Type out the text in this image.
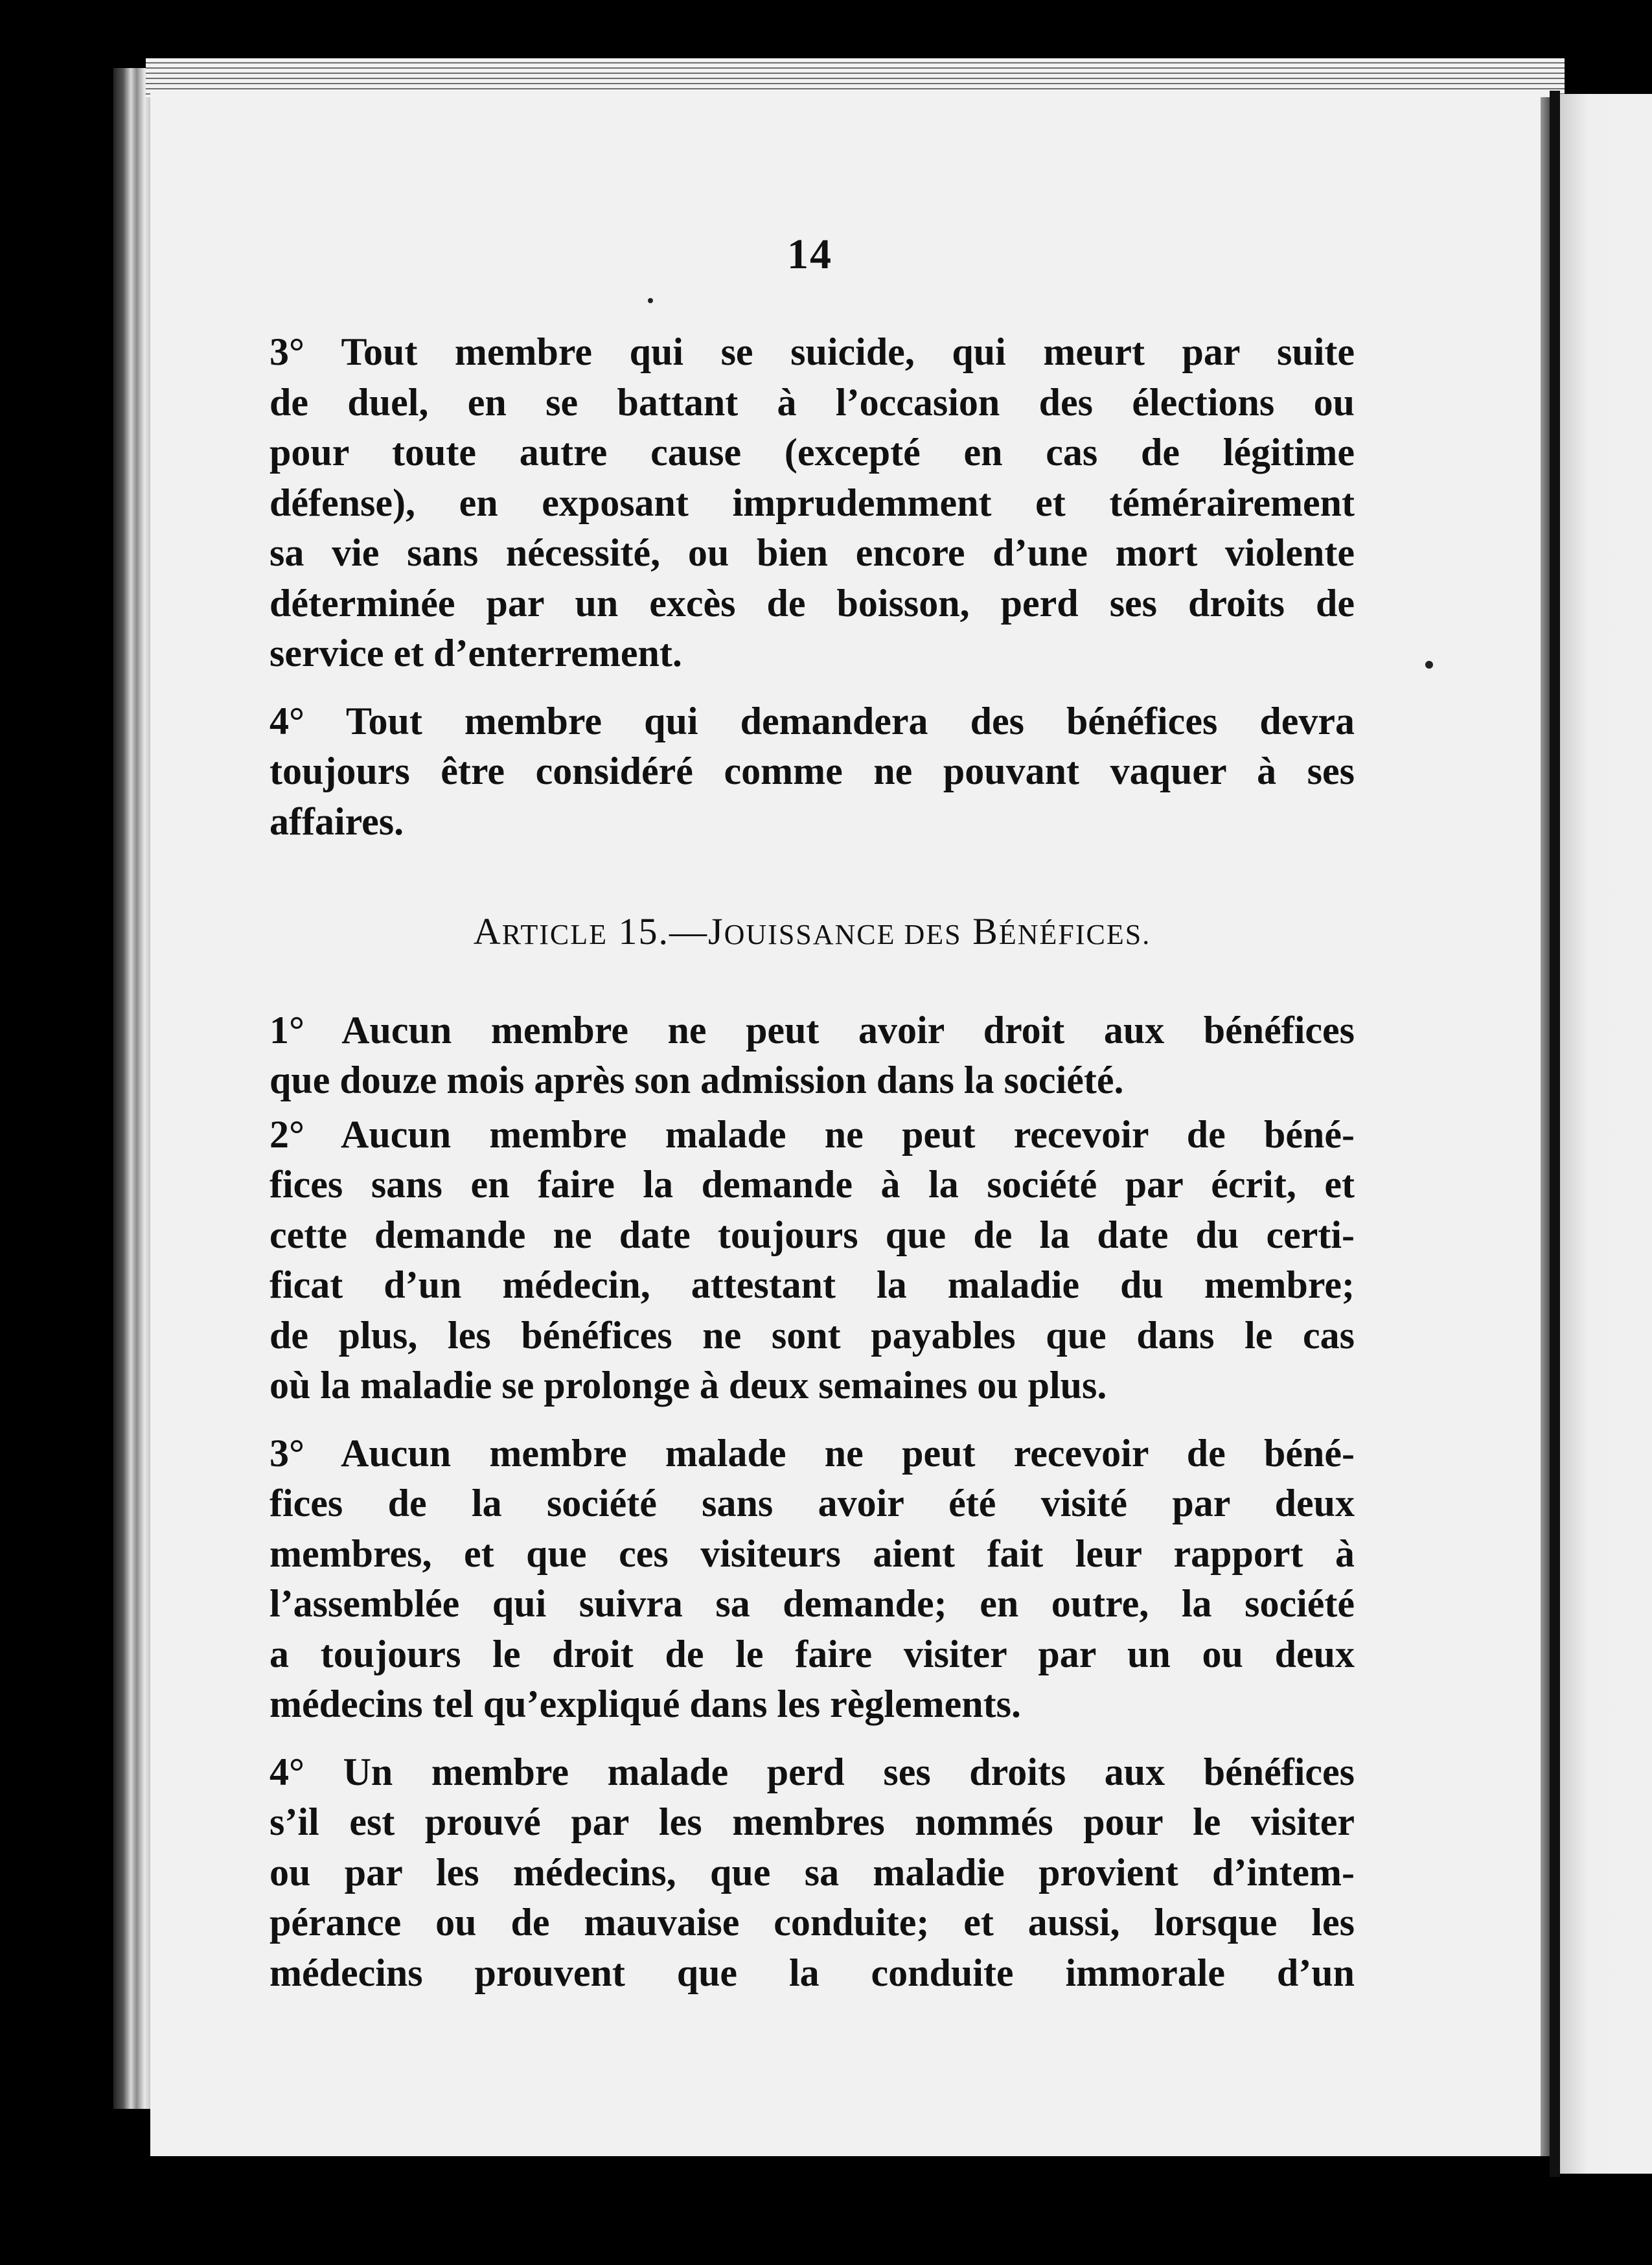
14

3° Tout membre qui se suicide, qui meurt par suite
de duel, en se battant à l’occasion des élections ou
pour toute autre cause (excepté en cas de légitime
défense), en exposant imprudemment et témérairement
sa vie sans nécessité, ou bien encore d’une mort violente
déterminée par un excès de boisson, perd ses droits de
service et d’enterrement.

4° Tout membre qui demandera des bénéfices devra
toujours être considéré comme ne pouvant vaquer à ses
affaires.

ARTICLE 15.—JOUISSANCE DES BÉNÉFICES.

1° Aucun membre ne peut avoir droit aux bénéfices
que douze mois après son admission dans la société.

2° Aucun membre malade ne peut recevoir de béné-
fices sans en faire la demande à la société par écrit, et
cette demande ne date toujours que de la date du certi-
ficat d’un médecin, attestant la maladie du membre;
de plus, les bénéfices ne sont payables que dans le cas
où la maladie se prolonge à deux semaines ou plus.

3° Aucun membre malade ne peut recevoir de béné-
fices de la société sans avoir été visité par deux
membres, et que ces visiteurs aient fait leur rapport à
l’assemblée qui suivra sa demande; en outre, la société
a toujours le droit de le faire visiter par un ou deux
médecins tel qu’expliqué dans les règlements.

4° Un membre malade perd ses droits aux bénéfices
s’il est prouvé par les membres nommés pour le visiter
ou par les médecins, que sa maladie provient d’intem-
pérance ou de mauvaise conduite; et aussi, lorsque les
médecins prouvent que la conduite immorale d’un
